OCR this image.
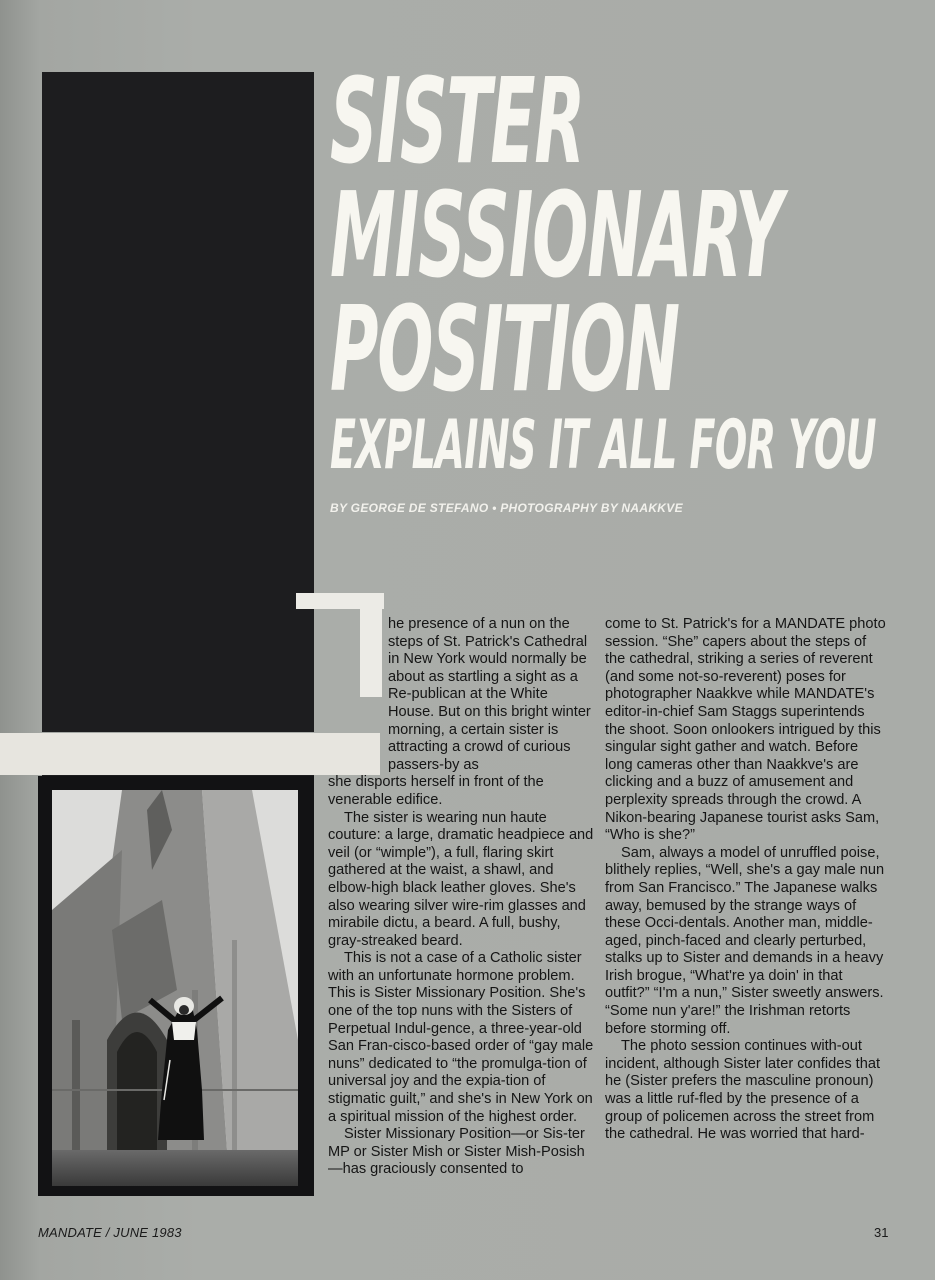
SISTER
MISSIONARY
POSITION
EXPLAINS IT ALL FOR YOU
BY GEORGE DE STEFANO • PHOTOGRAPHY BY NAAKKVE

he presence of a nun on the steps of St. Patrick's Cathedral in New York would normally be about as startling a sight as a Re-publican at the White House. But on this bright winter morning, a certain sister is attracting a crowd of curious passers-by as

she disports herself in front of the venerable edifice.

The sister is wearing nun haute couture: a large, dramatic headpiece and veil (or “wimple”), a full, flaring skirt gathered at the waist, a shawl, and elbow-high black leather gloves. She's also wearing silver wire-rim glasses and mirabile dictu, a beard. A full, bushy, gray-streaked beard.

This is not a case of a Catholic sister with an unfortunate hormone problem. This is Sister Missionary Position. She's one of the top nuns with the Sisters of Perpetual Indul-gence, a three-year-old San Fran-cisco-based order of “gay male nuns” dedicated to “the promulga-tion of universal joy and the expia-tion of stigmatic guilt,” and she's in New York on a spiritual mission of the highest order.

Sister Missionary Position—or Sis-ter MP or Sister Mish or Sister Mish-Posish—has graciously consented to

come to St. Patrick's for a MANDATE photo session. “She” capers about the steps of the cathedral, striking a series of reverent (and some not-so-reverent) poses for photographer Naakkve while MANDATE's editor-in-chief Sam Staggs superintends the shoot. Soon onlookers intrigued by this singular sight gather and watch. Before long cameras other than Naakkve's are clicking and a buzz of amusement and perplexity spreads through the crowd. A Nikon-bearing Japanese tourist asks Sam, “Who is she?”

Sam, always a model of unruffled poise, blithely replies, “Well, she's a gay male nun from San Francisco.” The Japanese walks away, bemused by the strange ways of these Occi-dentals. Another man, middle-aged, pinch-faced and clearly perturbed, stalks up to Sister and demands in a heavy Irish brogue, “What're ya doin' in that outfit?” “I'm a nun,” Sister sweetly answers. “Some nun y'are!” the Irishman retorts before storming off.

The photo session continues with-out incident, although Sister later confides that he (Sister prefers the masculine pronoun) was a little ruf-fled by the presence of a group of policemen across the street from the cathedral. He was worried that hard-

MANDATE / JUNE 1983	31
